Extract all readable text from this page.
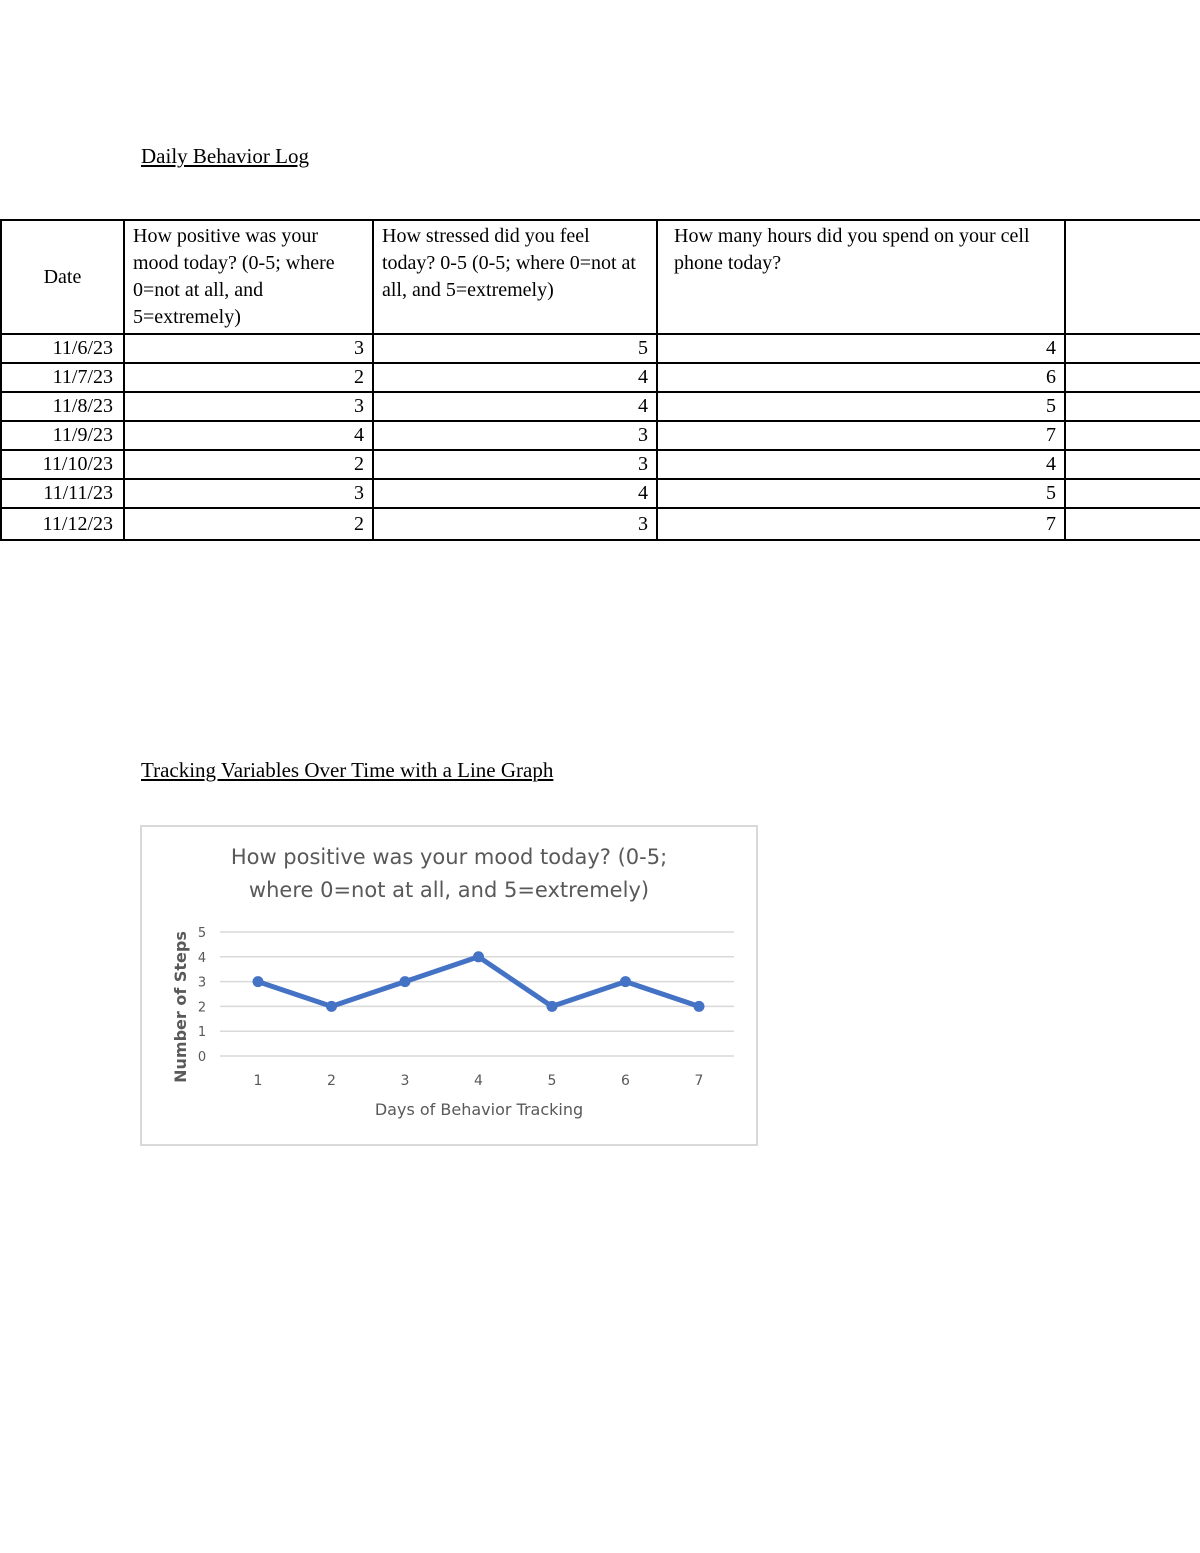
Daily Behavior Log
Date	How positive was your mood today? (0-5; where 0=not at all, and 5=extremely)	How stressed did you feel today? 0-5 (0-5; where 0=not at all, and 5=extremely)	How many hours did you spend on your cell phone today?	

11/6/23	3	5	4	
11/7/23	2	4	6	
11/8/23	3	4	5	
11/9/23	4	3	7	
11/10/23	2	3	4	
11/11/23	3	4	5	
11/12/23	2	3	7	
Tracking Variables Over Time with a Line Graph
How positive was your mood today? (0-5;
where 0=not at all, and 5=extremely)
0
1
2
3
4
5
1	2	3	4	5	6	7
Days of Behavior Tracking
Number of Steps
